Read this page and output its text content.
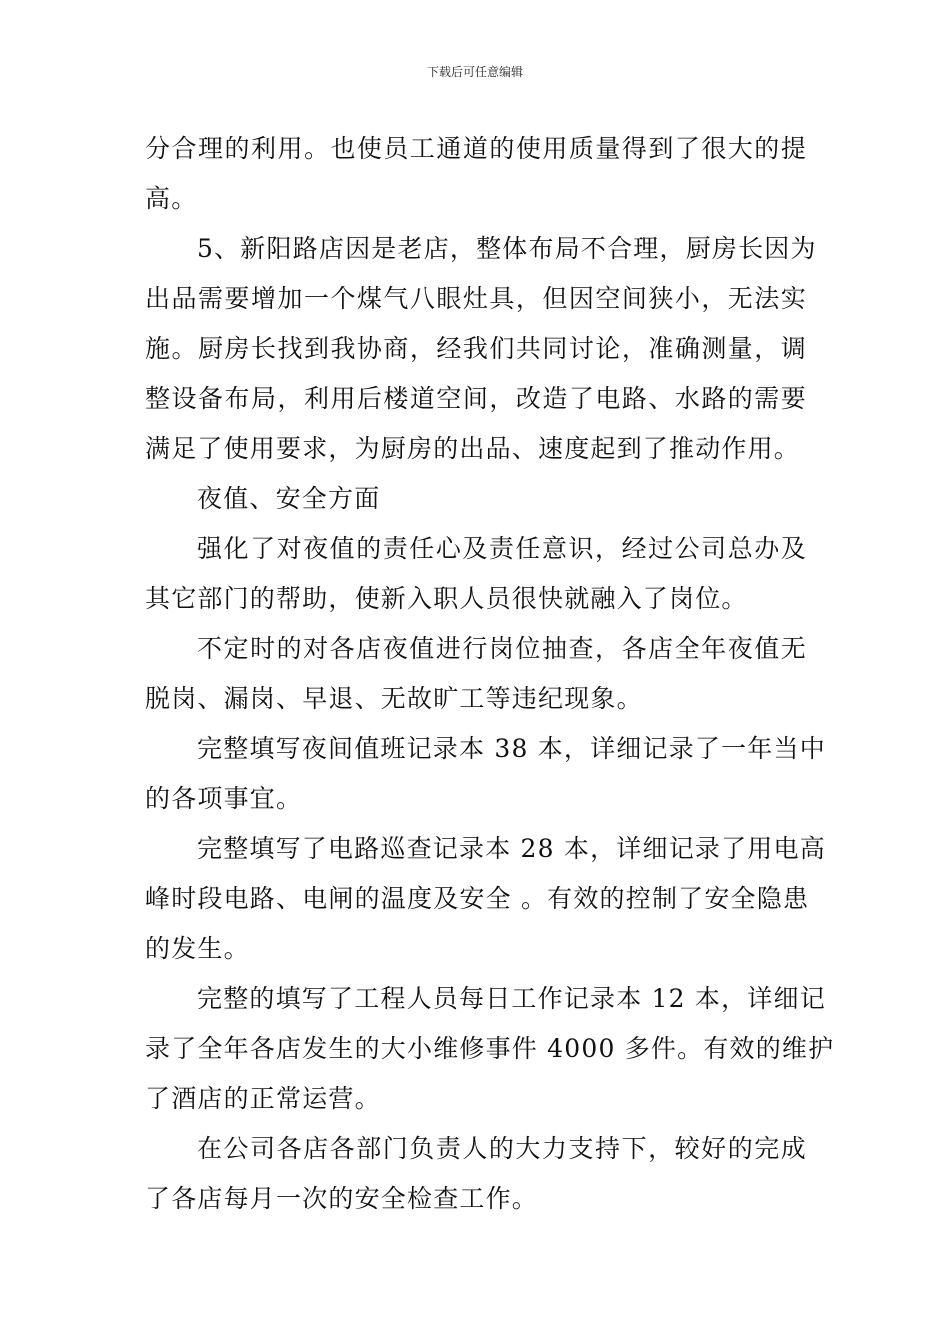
下载后可任意编辑
分合理的利用。也使员工通道的使用质量得到了很大的提
高。
5、新阳路店因是老店，整体布局不合理，厨房长因为
出品需要增加一个煤气八眼灶具，但因空间狭小，无法实
施。厨房长找到我协商，经我们共同讨论，准确测量，调
整设备布局，利用后楼道空间，改造了电路、水路的需要
满足了使用要求，为厨房的出品、速度起到了推动作用。
夜值、安全方面
强化了对夜值的责任心及责任意识，经过公司总办及
其它部门的帮助，使新入职人员很快就融入了岗位。
不定时的对各店夜值进行岗位抽查，各店全年夜值无
脱岗、漏岗、早退、无故旷工等违纪现象。
完整填写夜间值班记录本 38 本，详细记录了一年当中
的各项事宜。
完整填写了电路巡查记录本 28 本，详细记录了用电高
峰时段电路、电闸的温度及安全 。有效的控制了安全隐患
的发生。
完整的填写了工程人员每日工作记录本 12 本，详细记
录了全年各店发生的大小维修事件 4000 多件。有效的维护
了酒店的正常运营。
在公司各店各部门负责人的大力支持下，较好的完成
了各店每月一次的安全检查工作。
